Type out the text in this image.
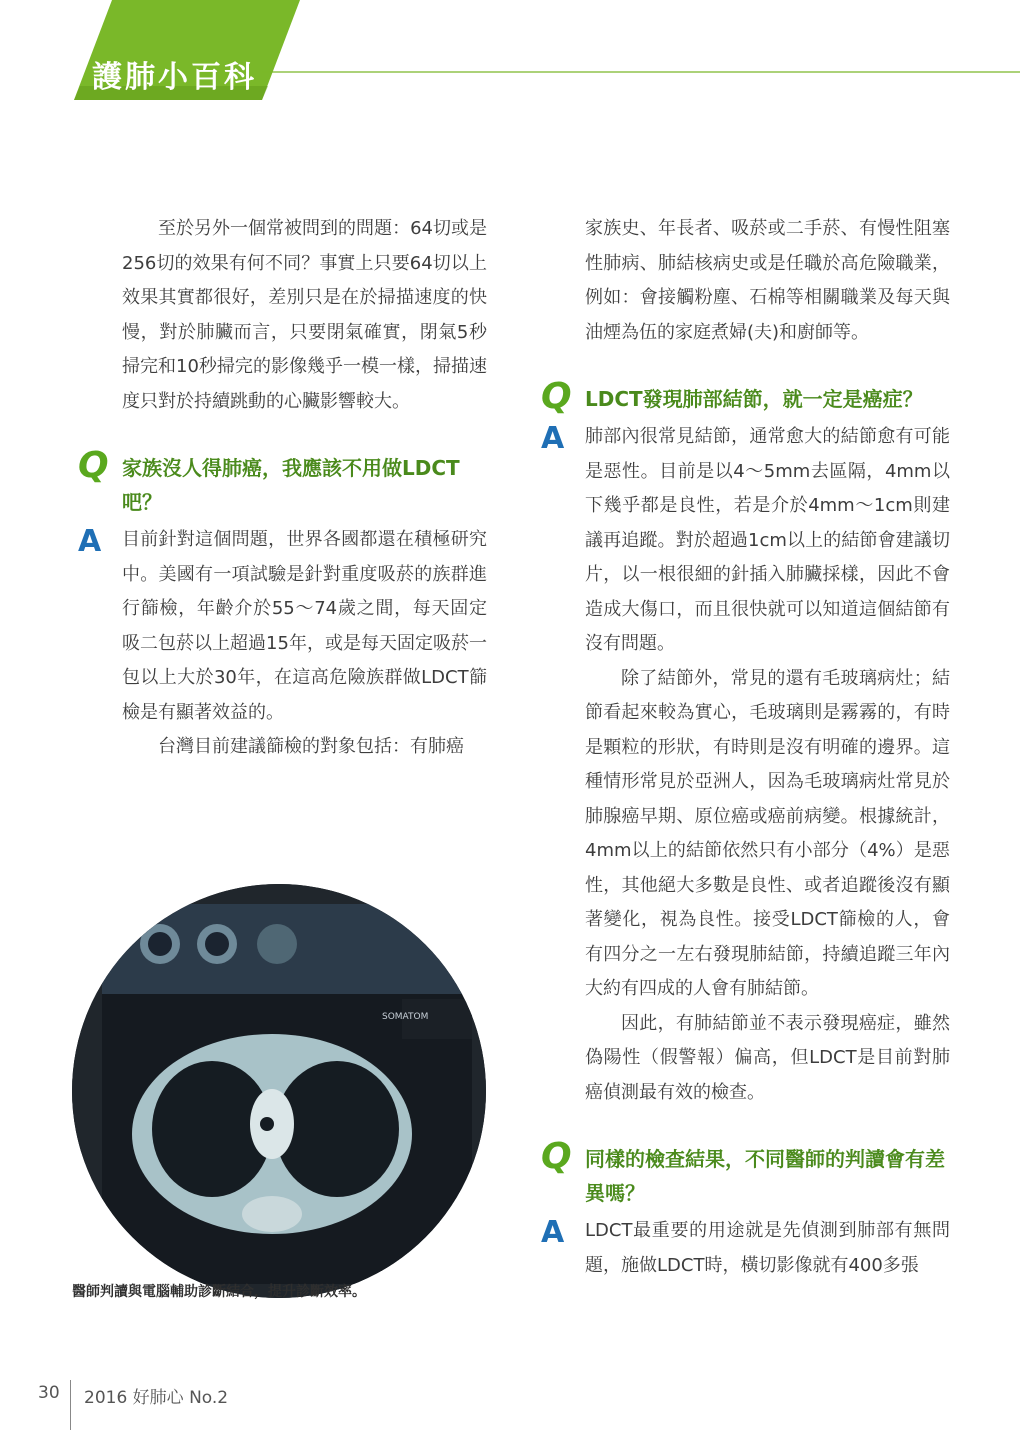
護肺小百科

至於另外一個常被問到的問題：64切或是256切的效果有何不同？事實上只要64切以上效果其實都很好，差別只是在於掃描速度的快慢，對於肺臟而言，只要閉氣確實，閉氣5秒掃完和10秒掃完的影像幾乎一模一樣，掃描速度只對於持續跳動的心臟影響較大。

Q 家族沒人得肺癌，我應該不用做LDCT吧？

A 目前針對這個問題，世界各國都還在積極研究中。美國有一項試驗是針對重度吸菸的族群進行篩檢，年齡介於55～74歲之間，每天固定吸二包菸以上超過15年，或是每天固定吸菸一包以上大於30年，在這高危險族群做LDCT篩檢是有顯著效益的。

台灣目前建議篩檢的對象包括：有肺癌

SOMATOM
醫師判讀與電腦輔助診斷結合，提升診斷效率。

家族史、年長者、吸菸或二手菸、有慢性阻塞性肺病、肺結核病史或是任職於高危險職業，例如：會接觸粉塵、石棉等相關職業及每天與油煙為伍的家庭煮婦(夫)和廚師等。

Q LDCT發現肺部結節，就一定是癌症？

A 肺部內很常見結節，通常愈大的結節愈有可能是惡性。目前是以4～5mm去區隔，4mm以下幾乎都是良性，若是介於4mm～1cm則建議再追蹤。對於超過1cm以上的結節會建議切片，以一根很細的針插入肺臟採樣，因此不會造成大傷口，而且很快就可以知道這個結節有沒有問題。

除了結節外，常見的還有毛玻璃病灶；結節看起來較為實心，毛玻璃則是霧霧的，有時是顆粒的形狀，有時則是沒有明確的邊界。這種情形常見於亞洲人，因為毛玻璃病灶常見於肺腺癌早期、原位癌或癌前病變。根據統計，4mm以上的結節依然只有小部分（4%）是惡性，其他絕大多數是良性、或者追蹤後沒有顯著變化，視為良性。接受LDCT篩檢的人，會有四分之一左右發現肺結節，持續追蹤三年內大約有四成的人會有肺結節。

因此，有肺結節並不表示發現癌症，雖然偽陽性（假警報）偏高，但LDCT是目前對肺癌偵測最有效的檢查。

Q 同樣的檢查結果，不同醫師的判讀會有差異嗎？

A LDCT最重要的用途就是先偵測到肺部有無問題，施做LDCT時，橫切影像就有400多張

30 2016 好肺心 No.2
